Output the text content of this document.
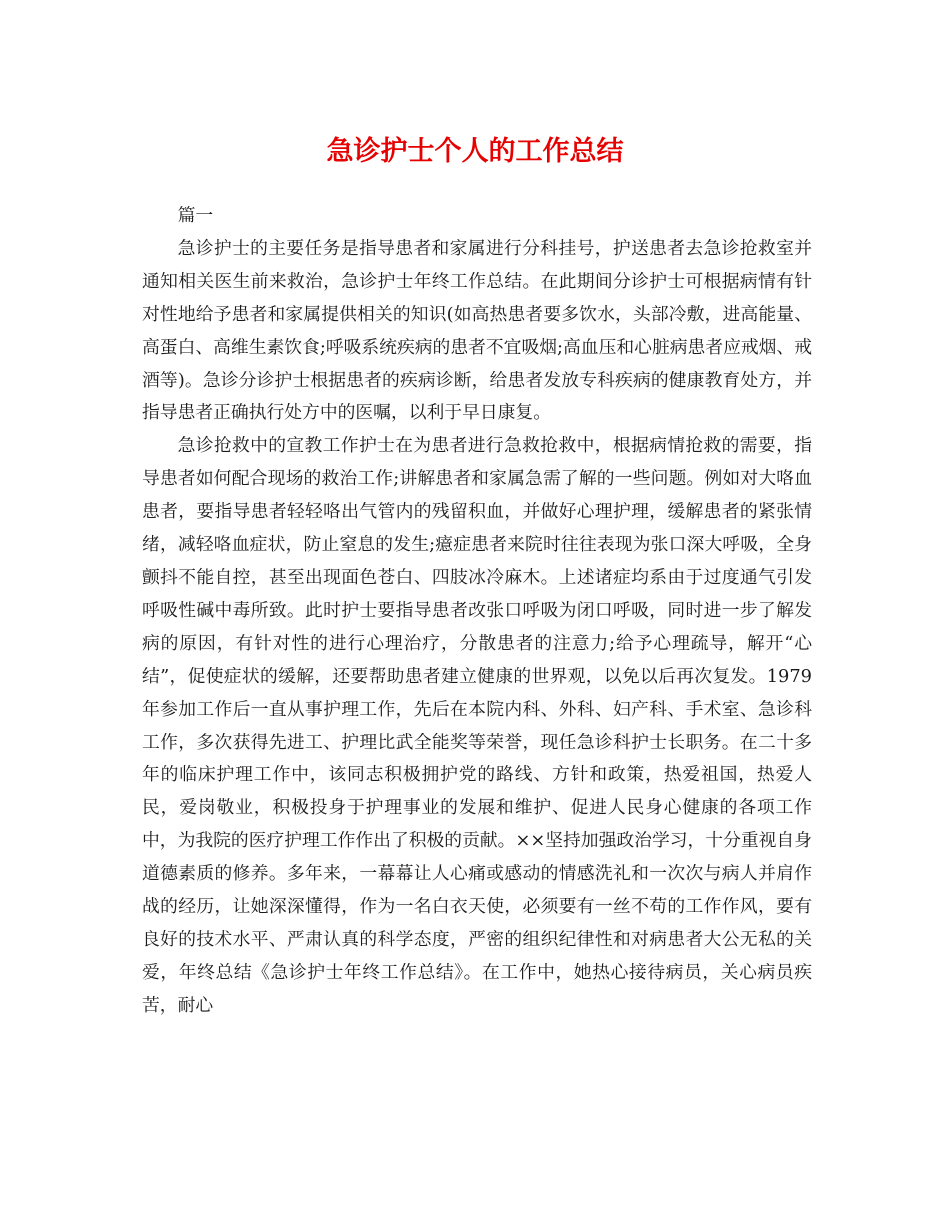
急诊护士个人的工作总结

篇一

急诊护士的主要任务是指导患者和家属进行分科挂号，护送患者去急诊抢救室并通知相关医生前来救治，急诊护士年终工作总结。在此期间分诊护士可根据病情有针对性地给予患者和家属提供相关的知识(如高热患者要多饮水，头部冷敷，进高能量、高蛋白、高维生素饮食;呼吸系统疾病的患者不宜吸烟;高血压和心脏病患者应戒烟、戒酒等)。急诊分诊护士根据患者的疾病诊断，给患者发放专科疾病的健康教育处方，并指导患者正确执行处方中的医嘱，以利于早日康复。

急诊抢救中的宣教工作护士在为患者进行急救抢救中，根据病情抢救的需要，指导患者如何配合现场的救治工作;讲解患者和家属急需了解的一些问题。例如对大咯血患者，要指导患者轻轻咯出气管内的残留积血，并做好心理护理，缓解患者的紧张情绪，减轻咯血症状，防止窒息的发生;癔症患者来院时往往表现为张口深大呼吸，全身颤抖不能自控，甚至出现面色苍白、四肢冰冷麻木。上述诸症均系由于过度通气引发呼吸性碱中毒所致。此时护士要指导患者改张口呼吸为闭口呼吸，同时进一步了解发病的原因，有针对性的进行心理治疗，分散患者的注意力;给予心理疏导，解开“心结”，促使症状的缓解，还要帮助患者建立健康的世界观，以免以后再次复发。1979年参加工作后一直从事护理工作，先后在本院内科、外科、妇产科、手术室、急诊科工作，多次获得先进工、护理比武全能奖等荣誉，现任急诊科护士长职务。在二十多年的临床护理工作中，该同志积极拥护党的路线、方针和政策，热爱祖国，热爱人民，爱岗敬业，积极投身于护理事业的发展和维护、促进人民身心健康的各项工作中，为我院的医疗护理工作作出了积极的贡献。××坚持加强政治学习，十分重视自身道德素质的修养。多年来，一幕幕让人心痛或感动的情感洗礼和一次次与病人并肩作战的经历，让她深深懂得，作为一名白衣天使，必须要有一丝不苟的工作作风，要有良好的技术水平、严肃认真的科学态度，严密的组织纪律性和对病患者大公无私的关爱，年终总结《急诊护士年终工作总结》。在工作中，她热心接待病员，关心病员疾苦，耐心
